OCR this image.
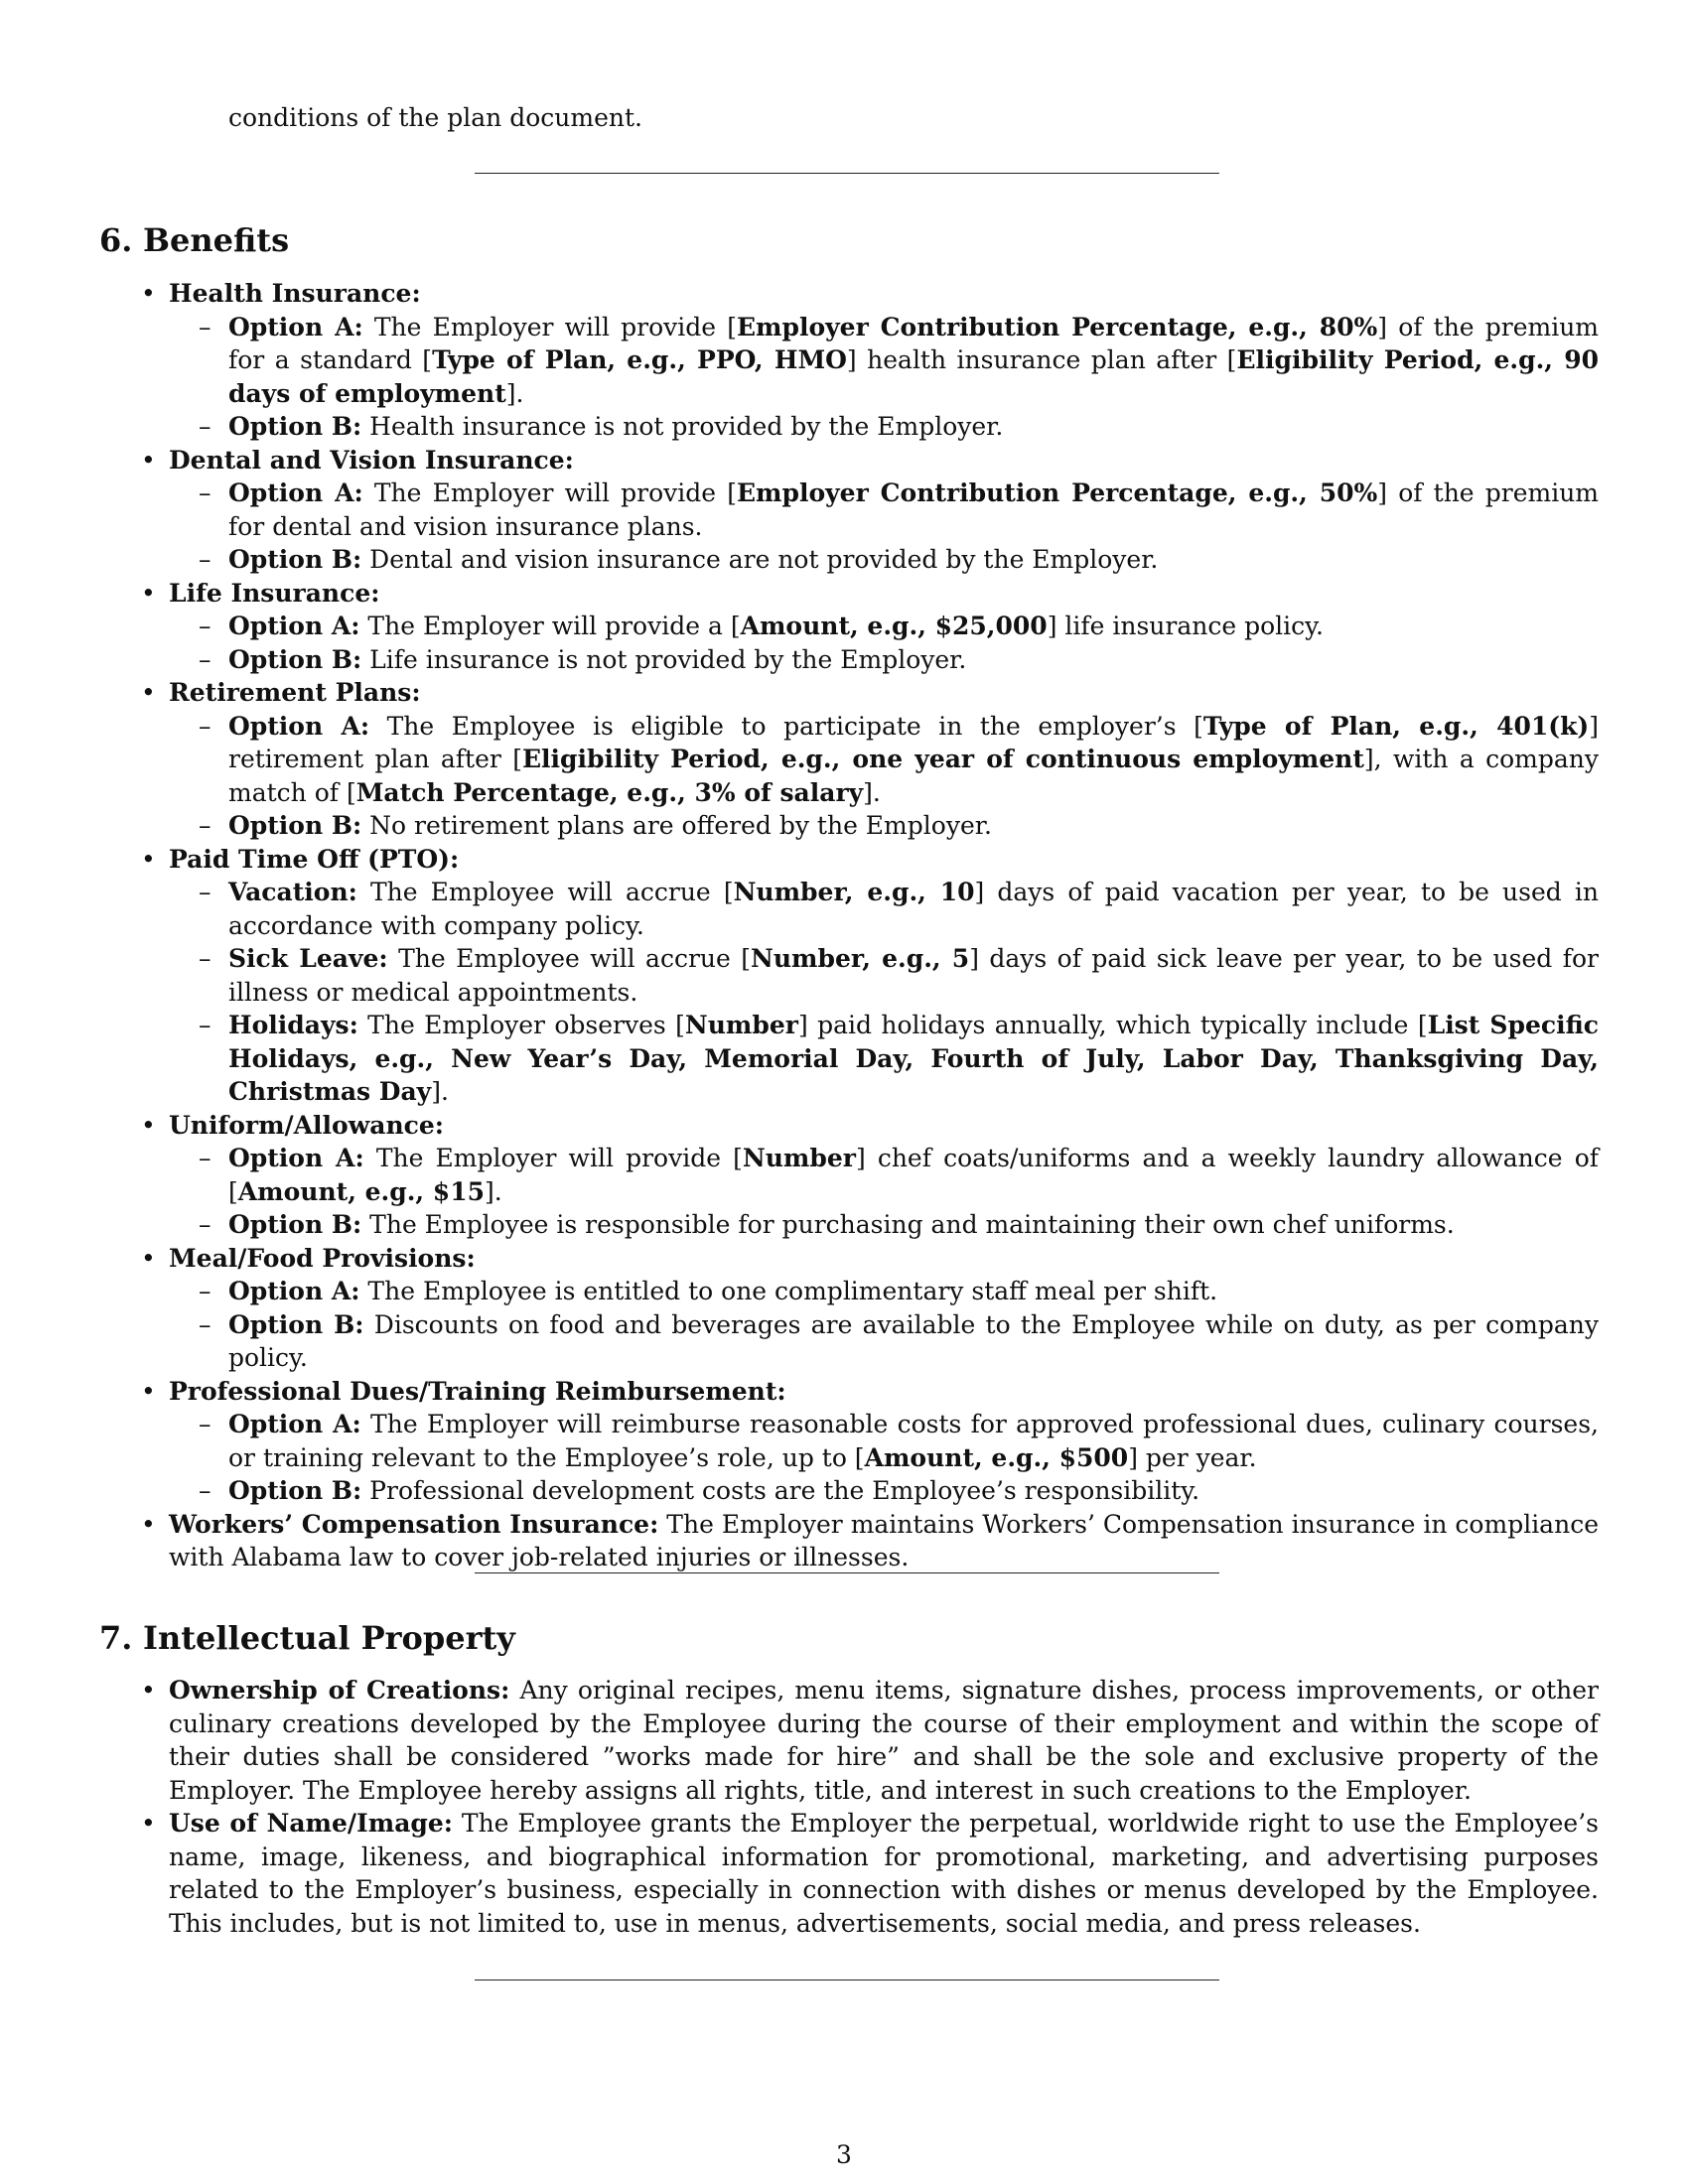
conditions of the plan document.

6. Benefits
• Health Insurance:
– Option A: The Employer will provide [Employer Contribution Percentage, e.g., 80%] of the premium for a standard [Type of Plan, e.g., PPO, HMO] health insurance plan after [Eligibility Period, e.g., 90 days of employment].
– Option B: Health insurance is not provided by the Employer.
• Dental and Vision Insurance:
– Option A: The Employer will provide [Employer Contribution Percentage, e.g., 50%] of the premium for dental and vision insurance plans.
– Option B: Dental and vision insurance are not provided by the Employer.
• Life Insurance:
– Option A: The Employer will provide a [Amount, e.g., $25,000] life insurance policy.
– Option B: Life insurance is not provided by the Employer.
• Retirement Plans:
– Option A: The Employee is eligible to participate in the employer’s [Type of Plan, e.g., 401(k)] retirement plan after [Eligibility Period, e.g., one year of continuous employment], with a company match of [Match Percentage, e.g., 3% of salary].
– Option B: No retirement plans are offered by the Employer.
• Paid Time Off (PTO):
– Vacation: The Employee will accrue [Number, e.g., 10] days of paid vacation per year, to be used in accordance with company policy.
– Sick Leave: The Employee will accrue [Number, e.g., 5] days of paid sick leave per year, to be used for illness or medical appointments.
– Holidays: The Employer observes [Number] paid holidays annually, which typically include [List Specific Holidays, e.g., New Year’s Day, Memorial Day, Fourth of July, Labor Day, Thanksgiving Day, Christmas Day].
• Uniform/Allowance:
– Option A: The Employer will provide [Number] chef coats/uniforms and a weekly laundry allowance of [Amount, e.g., $15].
– Option B: The Employee is responsible for purchasing and maintaining their own chef uniforms.
• Meal/Food Provisions:
– Option A: The Employee is entitled to one complimentary staff meal per shift.
– Option B: Discounts on food and beverages are available to the Employee while on duty, as per company policy.
• Professional Dues/Training Reimbursement:
– Option A: The Employer will reimburse reasonable costs for approved professional dues, culinary courses, or training relevant to the Employee’s role, up to [Amount, e.g., $500] per year.
– Option B: Professional development costs are the Employee’s responsibility.
• Workers’ Compensation Insurance: The Employer maintains Workers’ Compensation insurance in compliance with Alabama law to cover job-related injuries or illnesses.
7. Intellectual Property
• Ownership of Creations: Any original recipes, menu items, signature dishes, process improvements, or other culinary creations developed by the Employee during the course of their employment and within the scope of their duties shall be considered ”works made for hire” and shall be the sole and exclusive property of the Employer. The Employee hereby assigns all rights, title, and interest in such creations to the Employer.
• Use of Name/Image: The Employee grants the Employer the perpetual, worldwide right to use the Employee’s name, image, likeness, and biographical information for promotional, marketing, and advertising purposes related to the Employer’s business, especially in connection with dishes or menus developed by the Employee. This includes, but is not limited to, use in menus, advertisements, social media, and press releases.
3
